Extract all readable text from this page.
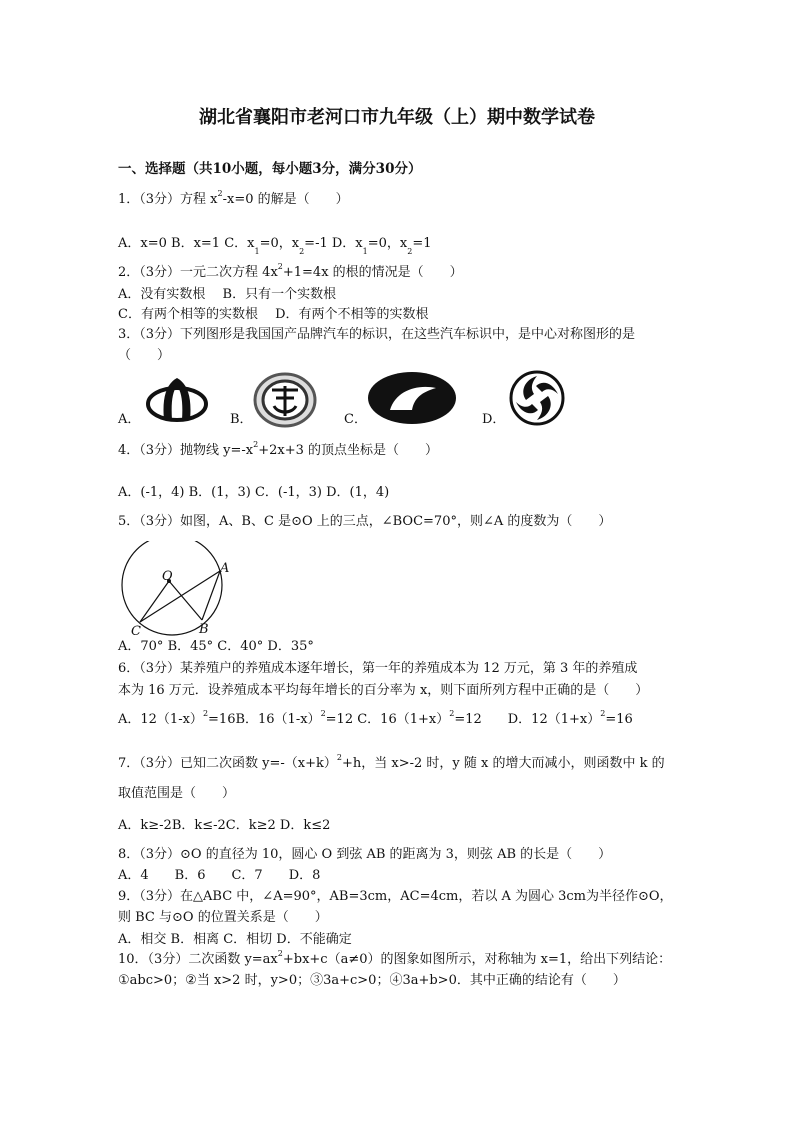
湖北省襄阳市老河口市九年级（上）期中数学试卷
一、选择题（共10小题，每小题3分，满分30分）
1．（3分）方程 $x^2-x=0$ 的解是（　　）
A．x=0 B．x=1 C．$x_1=0$，$x_2=-1$ D．$x_1=0$，$x_2=1$
2．（3分）一元二次方程 $4x^2+1=4x$ 的根的情况是（　　）
A．没有实数根　 B．只有一个实数根
C．有两个相等的实数根　 D．有两个不相等的实数根
3．（3分）下列图形是我国国产品牌汽车的标识，在这些汽车标识中，是中心对称图形的是
（　　）
A．	B．	C．	D．
4．（3分）抛物线 $y=-x^2+2x+3$ 的顶点坐标是（　　）
A．(-1，4) B．(1，3) C．(-1，3) D．(1，4)
5．（3分）如图，A、B、C 是⊙O 上的三点，∠BOC=70°，则∠A 的度数为（　　）
O
A
C	B
A．70° B．45° C．40° D．35°
6．（3分）某养殖户的养殖成本逐年增长，第一年的养殖成本为 12 万元，第 3 年的养殖成
本为 16 万元．设养殖成本平均每年增长的百分率为 x，则下面所列方程中正确的是（　　）
A．$12(1-x)^2=16B$．$16(1-x)^2=12$ C．$16(1+x)^2=12$　　D．$12(1+x)^2=16$
7．（3分）已知二次函数 $y=-(x+k)^2+h$，当 x>-2 时，y 随 x 的增大而减小，则函数中 k 的
取值范围是（　　）
A．k≥-2B．k≤-2C．k≥2 D．k≤2
8．（3分）⊙O 的直径为 10，圆心 O 到弦 AB 的距离为 3，则弦 AB 的长是（　　）
A．4　　B．6　　C．7　　D．8
9．（3分）在△ABC 中，∠A=90°，AB=3cm，AC=4cm，若以 A 为圆心 3cm为半径作⊙O，
则 BC 与⊙O 的位置关系是（　　）
A．相交 B．相离 C．相切 D．不能确定
10．（3分）二次函数 $y=ax^2+bx+c(a\ne 0)$的图象如图所示，对称轴为 x=1，给出下列结论：
①abc>0；②当 x>2 时，y>0；③3a+c>0；④3a+b>0．其中正确的结论有（　　）
